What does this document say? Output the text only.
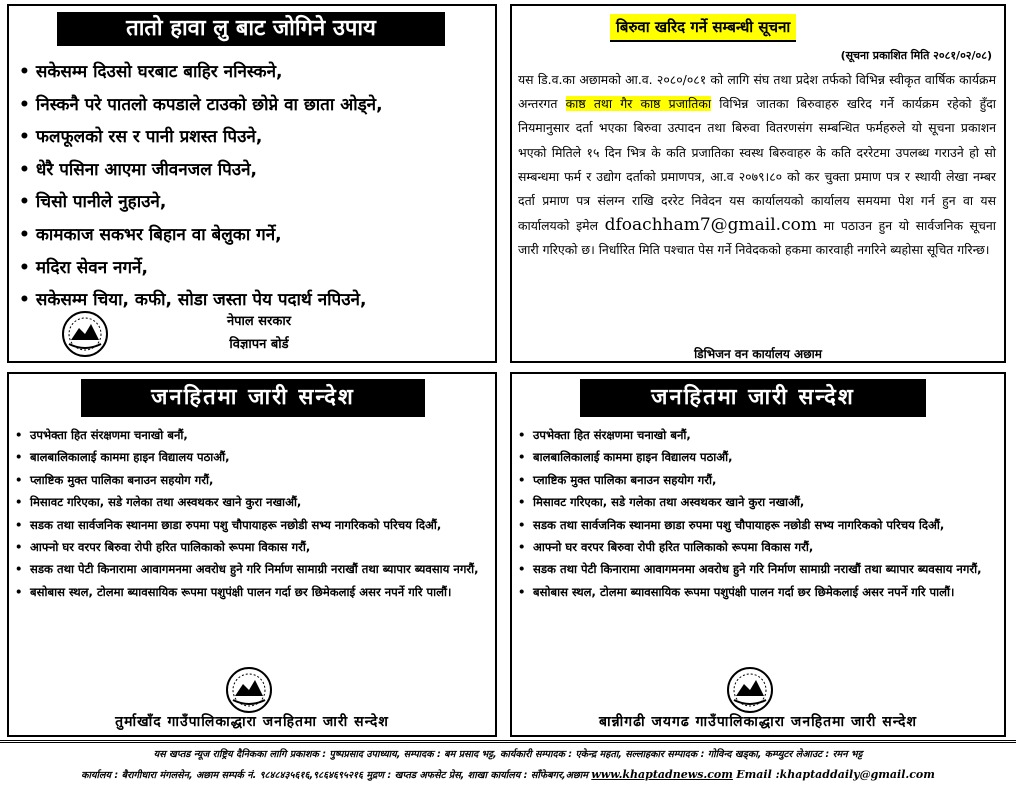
तातो हावा लु बाट जोगिने उपाय
• सकेसम्म दिउसो घरबाट बाहिर ननिस्कने,
• निस्कनै परे पातलो कपडाले टाउको छोप्ने वा छाता ओड्ने,
• फलफूलको रस र पानी प्रशस्त पिउने,
• धेरै पसिना आएमा जीवनजल पिउने,
• चिसो पानीले नुहाउने,
• कामकाज सकभर बिहान वा बेलुका गर्ने,
• मदिरा सेवन नगर्ने,
• सकेसम्म चिया, कफी, सोडा जस्ता पेय पदार्थ नपिउने,
नेपाल सरकार
विज्ञापन बोर्ड
बिरुवा खरिद गर्ने सम्बन्धी सूचना
(सूचना प्रकाशित मिति २०८१/०२/०८)
यस डि.व.का अछामको आ.व. २०८०/०८१ को लागि संघ तथा प्रदेश तर्फको विभिन्न स्वीकृत वार्षिक कार्यक्रम अन्तरगत काष्ठ तथा गैर काष्ठ प्रजातिका विभिन्न जातका बिरुवाहरु खरिद गर्ने कार्यक्रम रहेको हुँदा नियमानुसार दर्ता भएका बिरुवा उत्पादन तथा बिरुवा वितरणसंग सम्बन्धित फर्महरुले यो सूचना प्रकाशन भएको मितिले १५ दिन भित्र के कति प्रजातिका स्वस्थ बिरुवाहरु के कति दररेटमा उपलब्ध गराउने हो सो सम्बन्धमा फर्म र उद्योग दर्ताको प्रमाणपत्र, आ.व २०७९।८० को कर चुक्ता प्रमाण पत्र र स्थायी लेखा नम्बर दर्ता प्रमाण पत्र संलग्न राखि दररेट निवेदन यस कार्यालयको कार्यालय समयमा पेश गर्न हुन वा यस कार्यालयको इमेल dfoachham7@gmail.com मा पठाउन हुन यो सार्वजनिक सूचना जारी गरिएको छ। निर्धारित मिति पश्चात पेस गर्ने निवेदकको हकमा कारवाही नगरिने ब्यहोसा सूचित गरिन्छ।
डिभिजन वन कार्यालय अछाम
जनहितमा जारी सन्देश
• उपभेक्ता हित संरक्षणमा चनाखो बनौं,
• बालबालिकालाई काममा हाइन विद्यालय पठाऔं,
• प्लाष्टिक मुक्त पालिका बनाउन सहयोग गरौं,
• मिसावट गरिएका, सडे गलेका तथा अस्वथकर खाने कुरा नखाऔं,
• सडक तथा सार्वजनिक स्थानमा छाडा रुपमा पशु चौपायाहरू नछोडी सभ्य नागरिकको परिचय दिऔं,
• आफ्नो घर वरपर बिरुवा रोपी हरित पालिकाको रूपमा विकास गरौं,
• सडक तथा पेटी किनारामा आवागमनमा अवरोध हुने गरि निर्माण सामाग्री नराखौं तथा ब्यापार ब्यवसाय नगरौं,
• बसोबास स्थल, टोलमा ब्यावसायिक रूपमा पशुपंक्षी पालन गर्दा छर छिमेकलाई असर नपर्ने गरि पालौं।
तुर्माखाँद गाउँपालिकाद्धारा जनहितमा जारी सन्देश
जनहितमा जारी सन्देश
• उपभेक्ता हित संरक्षणमा चनाखो बनौं,
• बालबालिकालाई काममा हाइन विद्यालय पठाऔं,
• प्लाष्टिक मुक्त पालिका बनाउन सहयोग गरौं,
• मिसावट गरिएका, सडे गलेका तथा अस्वथकर खाने कुरा नखाऔं,
• सडक तथा सार्वजनिक स्थानमा छाडा रुपमा पशु चौपायाहरू नछोडी सभ्य नागरिकको परिचय दिऔं,
• आफ्नो घर वरपर बिरुवा रोपी हरित पालिकाको रूपमा विकास गरौं,
• सडक तथा पेटी किनारामा आवागमनमा अवरोध हुने गरि निर्माण सामाग्री नराखौं तथा ब्यापार ब्यवसाय नगरौं,
• बसोबास स्थल, टोलमा ब्यावसायिक रूपमा पशुपंक्षी पालन गर्दा छर छिमेकलाई असर नपर्ने गरि पालौं।
बान्नीगढी जयगढ गाउँपालिकाद्धारा जनहितमा जारी सन्देश
यस खप्तड न्यूज राष्ट्रिय दैनिकका लागि प्रकाशक : पुष्पप्रसाद उपाध्याय, सम्पादक : बम प्रसाद भट्ट, कार्यकारी सम्पादक : एकेन्द्र महता, सल्लाहकार सम्पादक : गोविन्द खड्का, कम्प्युटर लेआउट : रमन भट्ट
कार्यालय : बैरागीधारा मंगलसेन, अछाम सम्पर्क नं. ९८४८४३५६१६,९८६४६९५२१६ मुद्रण : खप्तड अफसेट प्रेस, शाखा कार्यालय : साँफेबगर,अछाम www.khaptadnews.com Email :khaptaddaily@gmail.com
